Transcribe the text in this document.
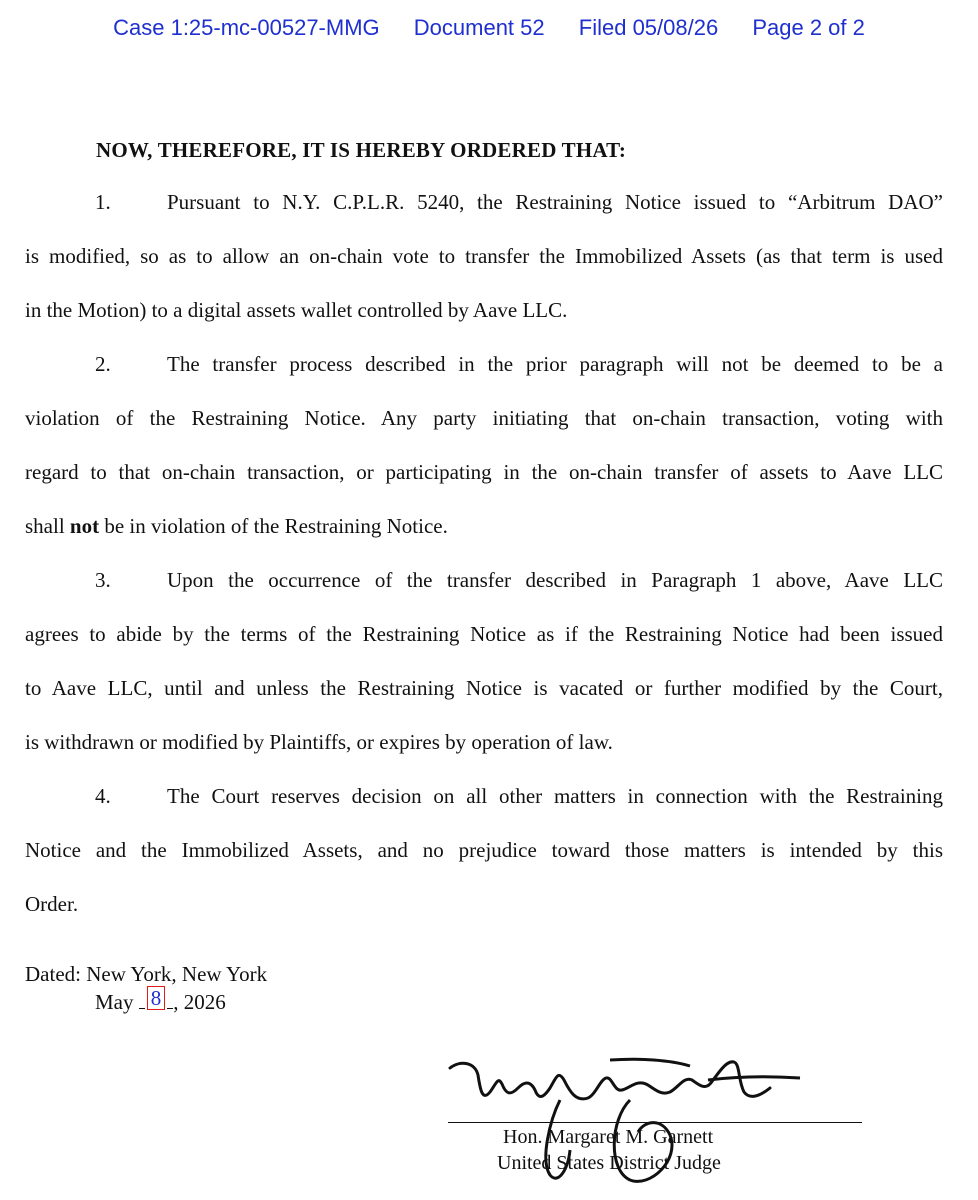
Case 1:25-mc-00527-MMG Document 52 Filed 05/08/26 Page 2 of 2
NOW, THEREFORE, IT IS HEREBY ORDERED THAT:
1.	Pursuant to N.Y. C.P.L.R. 5240, the Restraining Notice issued to “Arbitrum DAO”
is modified, so as to allow an on-chain vote to transfer the Immobilized Assets (as that term is used
in the Motion) to a digital assets wallet controlled by Aave LLC.
2.	The transfer process described in the prior paragraph will not be deemed to be a
violation of the Restraining Notice. Any party initiating that on-chain transaction, voting with
regard to that on-chain transaction, or participating in the on-chain transfer of assets to Aave LLC
shall not be in violation of the Restraining Notice.
3.	Upon the occurrence of the transfer described in Paragraph 1 above, Aave LLC
agrees to abide by the terms of the Restraining Notice as if the Restraining Notice had been issued
to Aave LLC, until and unless the Restraining Notice is vacated or further modified by the Court,
is withdrawn or modified by Plaintiffs, or expires by operation of law.
4.	The Court reserves decision on all other matters in connection with the Restraining
Notice and the Immobilized Assets, and no prejudice toward those matters is intended by this
Order.
Dated: New York, New York
May 8 , 2026
Hon. Margaret M. Garnett
United States District Judge
